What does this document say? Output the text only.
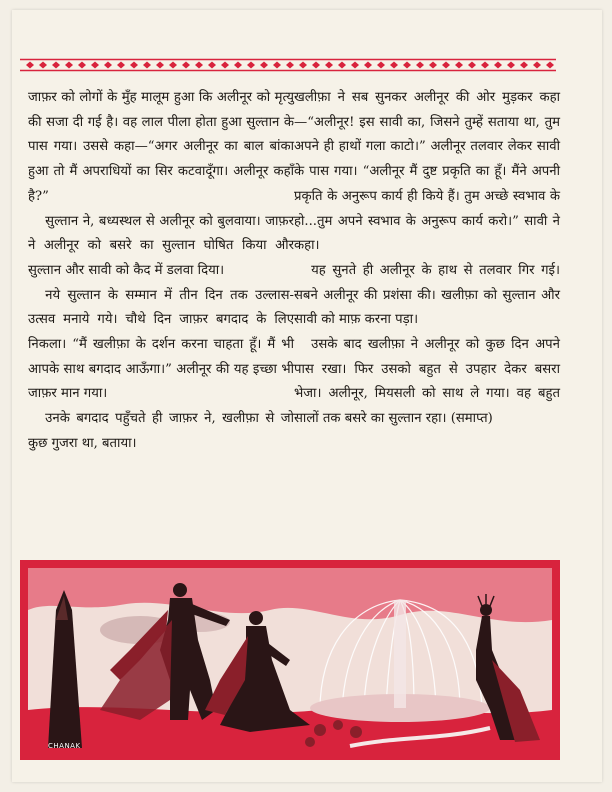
जाफ़र को लोगों के मुँह मालूम हुआ कि अलीनूर को मृत्यु की सजा दी गई है। वह लाल पीला होता हुआ सुल्तान के पास गया। उससे कहा—“अगर अलीनूर का बाल बांका हुआ तो मैं अपराधियों का सिर कटवादूँगा। अलीनूर कहाँ है?”

सुल्तान ने, बध्यस्थल से अलीनूर को बुलवाया। जाफ़र ने अलीनूर को बसरे का सुल्तान घोषित किया और सुल्तान और सावी को कैद में डलवा दिया।

नये सुल्तान के सम्मान में तीन दिन तक उल्लास-उत्सव मनाये गये। चौथे दिन जाफ़र बगदाद के लिए निकला। “मैं खलीफ़ा के दर्शन करना चाहता हूँ। मैं भी आपके साथ बगदाद आऊँगा।” अलीनूर की यह इच्छा भी जाफ़र मान गया।

उनके बगदाद पहुँचते ही जाफ़र ने, खलीफ़ा से जो कुछ गुजरा था, बताया।

खलीफ़ा ने सब सुनकर अलीनूर की ओर मुड़कर कहा—“अलीनूर! इस सावी का, जिसने तुम्हें सताया था, तुम अपने ही हाथों गला काटो।” अलीनूर तलवार लेकर सावी के पास गया। “अलीनूर मैं दुष्ट प्रकृति का हूँ। मैंने अपनी प्रकृति के अनुरूप कार्य ही किये हैं। तुम अच्छे स्वभाव के हो...तुम अपने स्वभाव के अनुरूप कार्य करो।” सावी ने कहा।

यह सुनते ही अलीनूर के हाथ से तलवार गिर गई। सबने अलीनूर की प्रशंसा की। खलीफ़ा को सुल्तान और सावी को माफ़ करना पड़ा।

उसके बाद खलीफ़ा ने अलीनूर को कुछ दिन अपने पास रखा। फिर उसको बहुत से उपहार देकर बसरा भेजा। अलीनूर, मियसली को साथ ले गया। वह बहुत सालों तक बसरे का सुल्तान रहा। (समाप्त)

CHANAK
